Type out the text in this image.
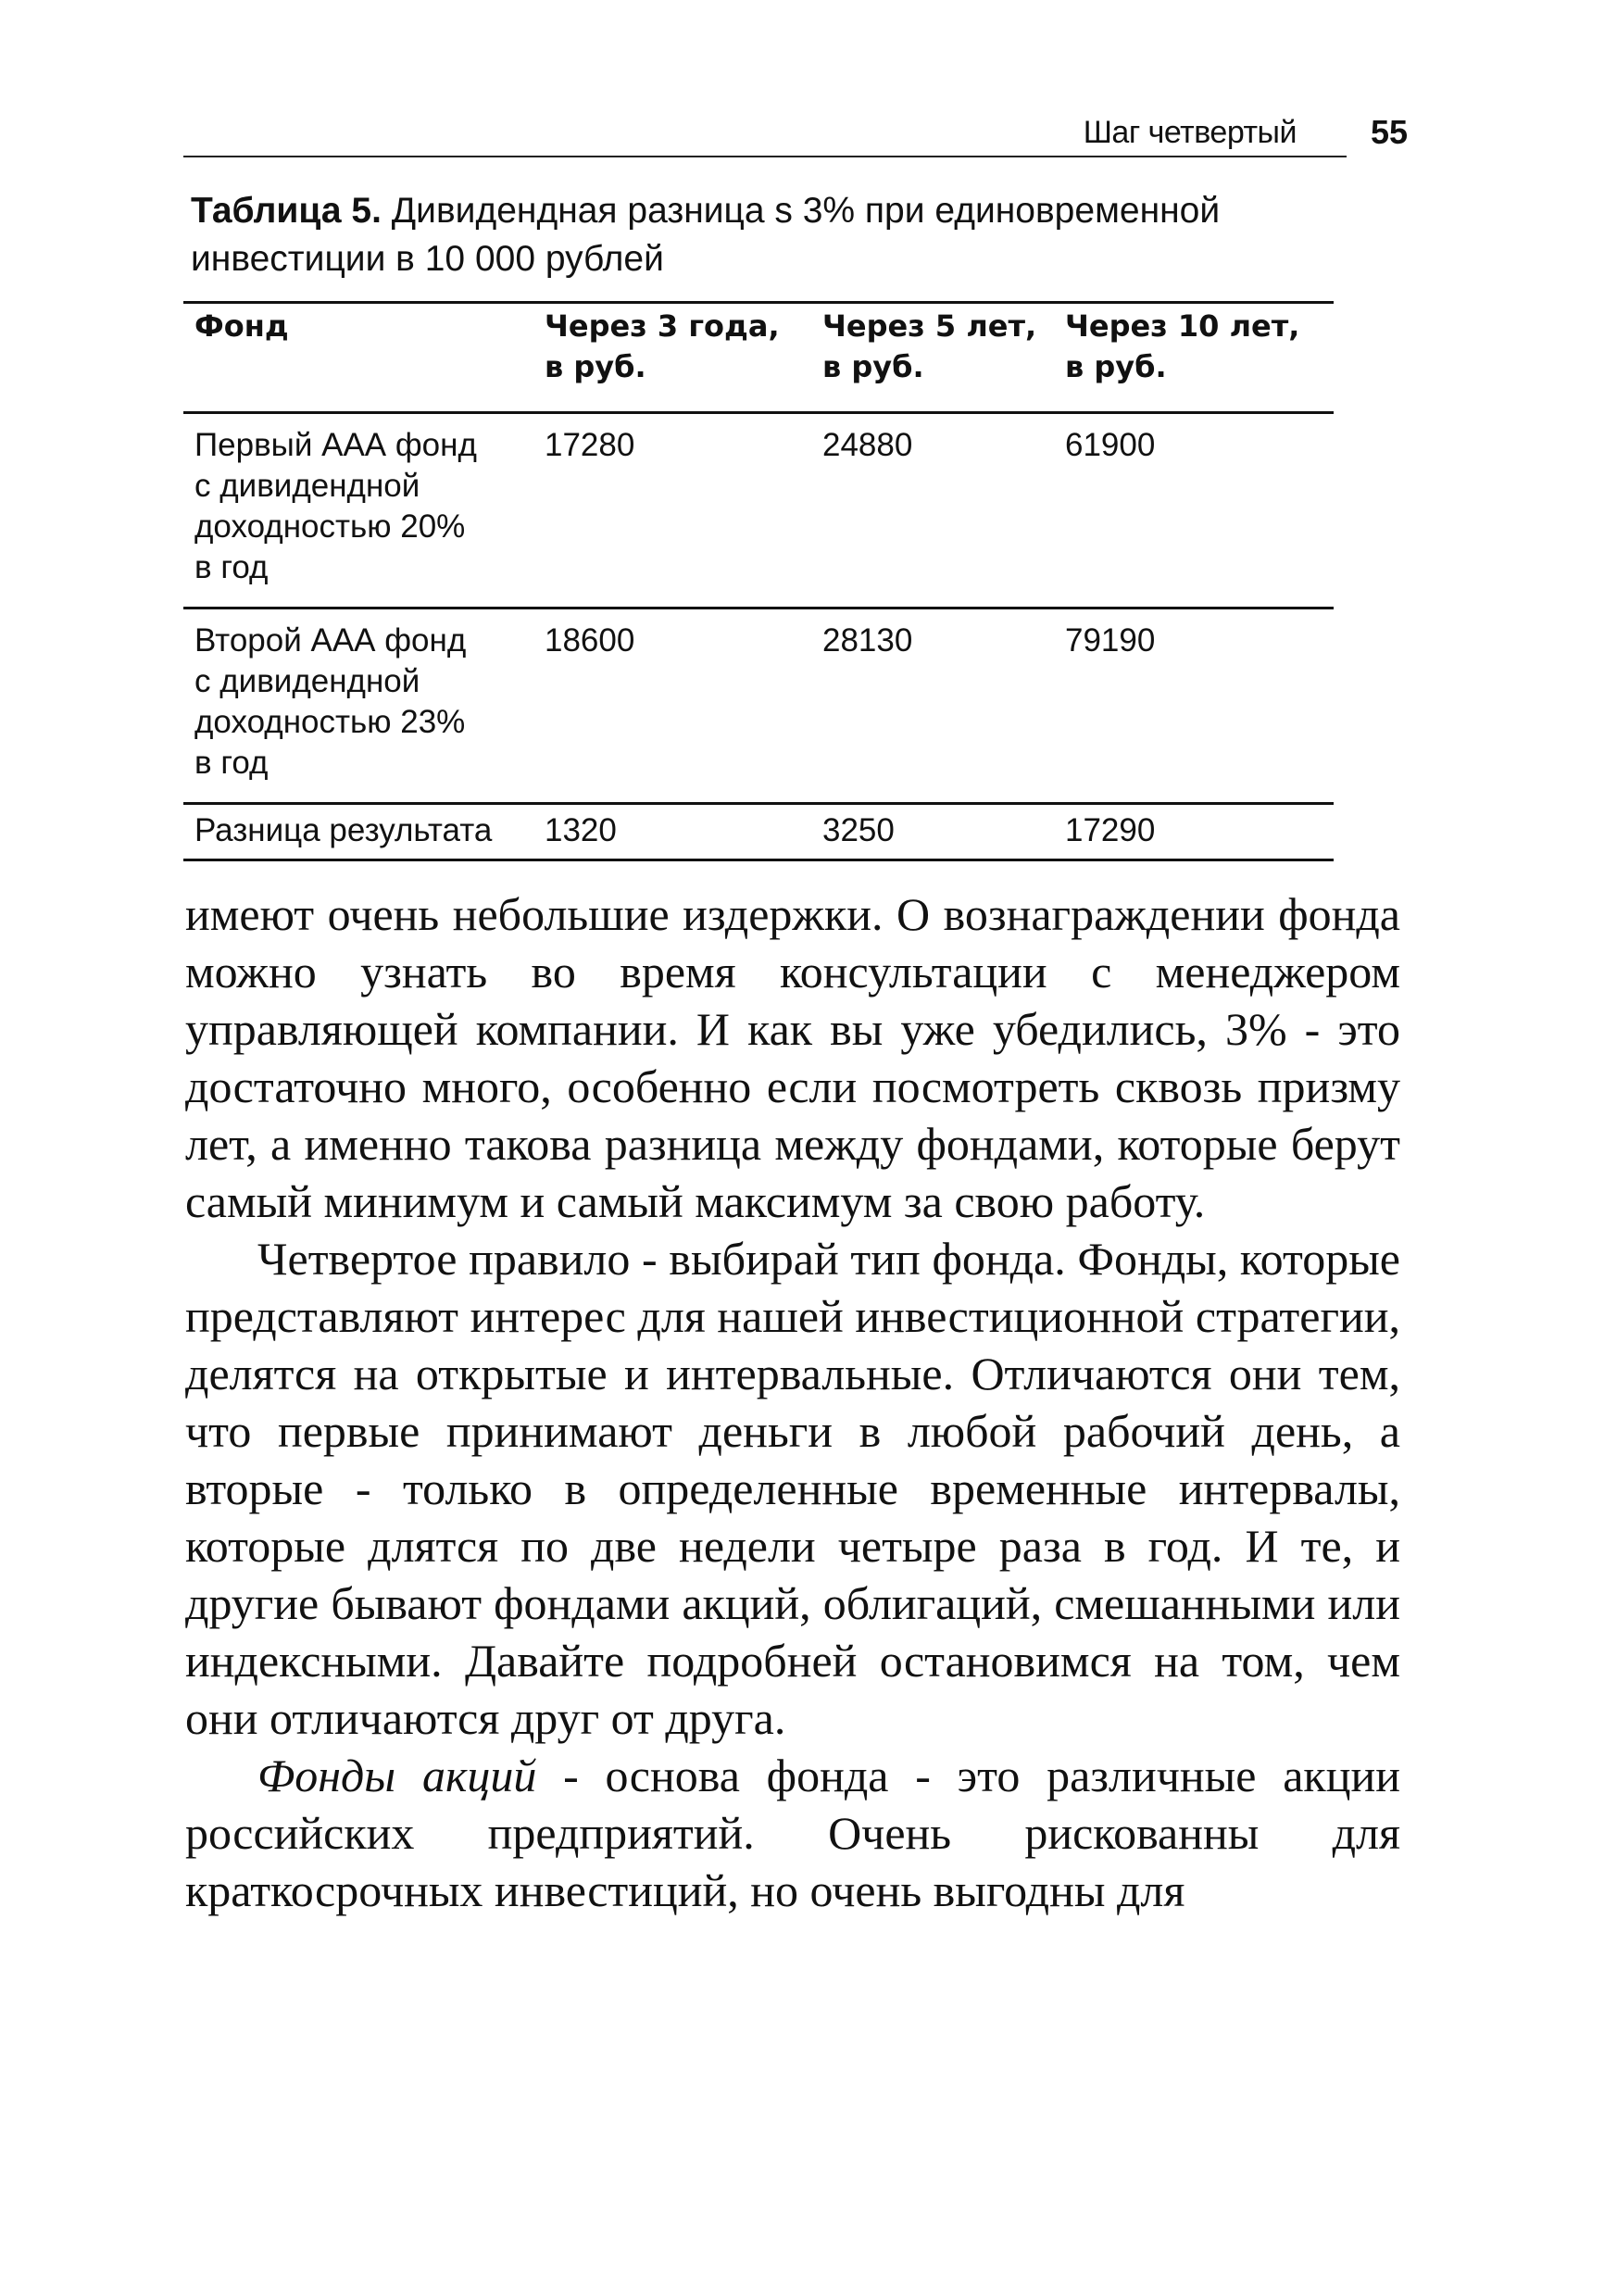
Шаг четвертый 55
Таблица 5. Дивидендная разница s 3% при единовременной инвестиции в 10 000 рублей
Фонд	Через 3 года, в руб.	Через 5 лет, в руб.	Через 10 лет, в руб.

Первый ААА фонд
с дивидендной
доходностью 20%
в год	17280	24880	61900

Второй ААА фонд
с дивидендной
доходностью 23%
в год	18600	28130	79190

Разница результата	1320	3250	17290

имеют очень небольшие издержки. О вознаграждении фонда можно узнать во время консультации с менеджером управляющей компании. И как вы уже убедились, 3% - это достаточно много, особенно если посмотреть сквозь призму лет, а именно такова разница между фондами, которые берут самый минимум и самый максимум за свою работу.

Четвертое правило - выбирай тип фонда. Фонды, которые представляют интерес для нашей инвестиционной стратегии, делятся на открытые и интервальные. Отличаются они тем, что первые принимают деньги в любой рабочий день, а вторые - только в определенные временные интервалы, которые длятся по две недели четыре раза в год. И те, и другие бывают фондами акций, облигаций, смешанными или индексными. Давайте подробней остановимся на том, чем они отличаются друг от друга.

Фонды акций - основа фонда - это различные акции российских предприятий. Очень рискованны для краткосрочных инвестиций, но очень выгодны для
